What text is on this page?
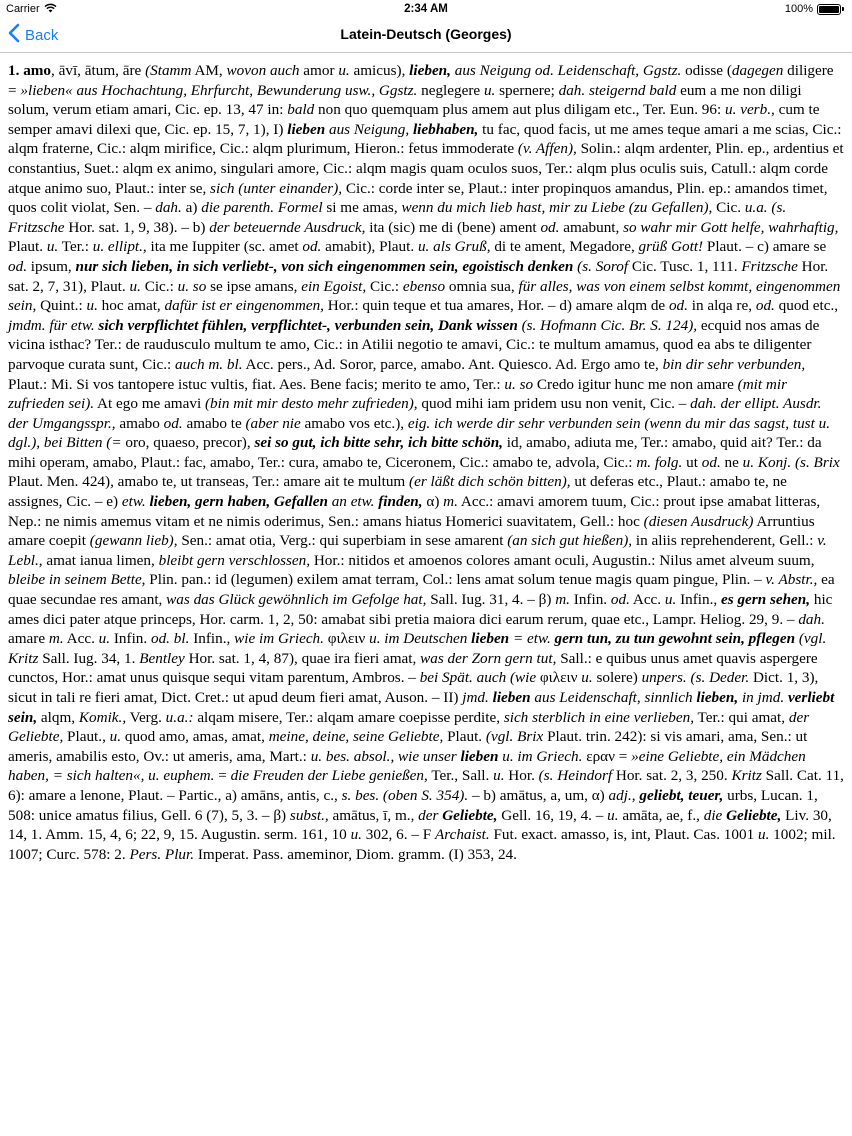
Carrier	2:34 AM	100%
Back	Latein-Deutsch (Georges)
1. amo, āvī, ātum, āre (Stamm AM, wovon auch amor u. amicus), lieben, aus Neigung od. Leidenschaft, Ggstz. odisse (dagegen diligere = »lieben« aus Hochachtung, Ehrfurcht, Bewunderung usw., Ggstz. neglegere u. spernere; dah. steigernd bald eum a me non diligi solum, verum etiam amari, Cic. ep. 13, 47 in: bald non quo quemquam plus amem aut plus diligam etc., Ter. Eun. 96: u. verb., cum te semper amavi dilexi que, Cic. ep. 15, 7, 1), I) lieben aus Neigung, liebhaben, tu fac, quod facis, ut me ames teque amari a me scias, Cic.: alqm fraterne, Cic.: alqm mirifice, Cic.: alqm plurimum, Hieron.: fetus immoderate (v. Affen), Solin.: alqm ardenter, Plin. ep., ardentius et constantius, Suet.: alqm ex animo, singulari amore, Cic.: alqm magis quam oculos suos, Ter.: alqm plus oculis suis, Catull.: alqm corde atque animo suo, Plaut.: inter se, sich (unter einander), Cic.: corde inter se, Plaut.: inter propinquos amandus, Plin. ep.: amandos timet, quos colit violat, Sen. – dah. a) die parenth. Formel si me amas, wenn du mich lieb hast, mir zu Liebe (zu Gefallen), Cic. u.a. (s. Fritzsche Hor. sat. 1, 9, 38). – b) der beteuernde Ausdruck, ita (sic) me di (bene) ament od. amabunt, so wahr mir Gott helfe, wahrhaftig, Plaut. u. Ter.: u. ellipt., ita me Iuppiter (sc. amet od. amabit), Plaut. u. als Gruß, di te ament, Megadore, grüß Gott! Plaut. – c) amare se od. ipsum, nur sich lieben, in sich verliebt-, von sich eingenommen sein, egoistisch denken (s. Sorof Cic. Tusc. 1, 111. Fritzsche Hor. sat. 2, 7, 31), Plaut. u. Cic.: u. so se ipse amans, ein Egoist, Cic.: ebenso omnia sua, für alles, was von einem selbst kommt, eingenommen sein, Quint.: u. hoc amat, dafür ist er eingenommen, Hor.: quin teque et tua amares, Hor. – d) amare alqm de od. in alqa re, od. quod etc., jmdm. für etw. sich verpflichtet fühlen, verpflichtet-, verbunden sein, Dank wissen (s. Hofmann Cic. Br. S. 124), ecquid nos amas de vicina isthac? Ter.: de raudusculo multum te amo, Cic.: in Atilii negotio te amavi, Cic.: te multum amamus, quod ea abs te diligenter parvoque curata sunt, Cic.: auch m. bl. Acc. pers., Ad. Soror, parce, amabo. Ant. Quiesco. Ad. Ergo amo te, bin dir sehr verbunden, Plaut.: Mi. Si vos tantopere istuc vultis, fiat. Aes. Bene facis; merito te amo, Ter.: u. so Credo igitur hunc me non amare (mit mir zufrieden sei). At ego me amavi (bin mit mir desto mehr zufrieden), quod mihi iam pridem usu non venit, Cic. – dah. der ellipt. Ausdr. der Umgangsspr., amabo od. amabo te (aber nie amabo vos etc.), eig. ich werde dir sehr verbunden sein (wenn du mir das sagst, tust u. dgl.), bei Bitten (= oro, quaeso, precor), sei so gut, ich bitte sehr, ich bitte schön, id, amabo, adiuta me, Ter.: amabo, quid ait? Ter.: da mihi operam, amabo, Plaut.: fac, amabo, Ter.: cura, amabo te, Ciceronem, Cic.: amabo te, advola, Cic.: m. folg. ut od. ne u. Konj. (s. Brix Plaut. Men. 424), amabo te, ut transeas, Ter.: amare ait te multum (er läßt dich schön bitten), ut deferas etc., Plaut.: amabo te, ne assignes, Cic. – e) etw. lieben, gern haben, Gefallen an etw. finden, α) m. Acc.: amavi amorem tuum, Cic.: prout ipse amabat litteras, Nep.: ne nimis amemus vitam et ne nimis oderimus, Sen.: amans hiatus Homerici suavitatem, Gell.: hoc (diesen Ausdruck) Arruntius amare coepit (gewann lieb), Sen.: amat otia, Verg.: qui superbiam in sese amarent (an sich gut hießen), in aliis reprehenderent, Gell.: v. Lebl., amat ianua limen, bleibt gern verschlossen, Hor.: nitidos et amoenos colores amant oculi, Augustin.: Nilus amet alveum suum, bleibe in seinem Bette, Plin. pan.: id (legumen) exilem amat terram, Col.: lens amat solum tenue magis quam pingue, Plin. – v. Abstr., ea quae secundae res amant, was das Glück gewöhnlich im Gefolge hat, Sall. Iug. 31, 4. – β) m. Infin. od. Acc. u. Infin., es gern sehen, hic ames dici pater atque princeps, Hor. carm. 1, 2, 50: amabat sibi pretia maiora dici earum rerum, quae etc., Lampr. Heliog. 29, 9. – dah. amare m. Acc. u. Infin. od. bl. Infin., wie im Griech. φιλειν u. im Deutschen lieben = etw. gern tun, zu tun gewohnt sein, pflegen (vgl. Kritz Sall. Iug. 34, 1. Bentley Hor. sat. 1, 4, 87), quae ira fieri amat, was der Zorn gern tut, Sall.: e quibus unus amet quavis aspergere cunctos, Hor.: amat unus quisque sequi vitam parentum, Ambros. – bei Spät. auch (wie φιλειν u. solere) unpers. (s. Deder. Dict. 1, 3), sicut in tali re fieri amat, Dict. Cret.: ut apud deum fieri amat, Auson. – II) jmd. lieben aus Leidenschaft, sinnlich lieben, in jmd. verliebt sein, alqm, Komik., Verg. u.a.: alqam misere, Ter.: alqam amare coepisse perdite, sich sterblich in eine verlieben, Ter.: qui amat, der Geliebte, Plaut., u. quod amo, amas, amat, meine, deine, seine Geliebte, Plaut. (vgl. Brix Plaut. trin. 242): si vis amari, ama, Sen.: ut ameris, amabilis esto, Ov.: ut ameris, ama, Mart.: u. bes. absol., wie unser lieben u. im Griech. εραν = »eine Geliebte, ein Mädchen haben, = sich halten«, u. euphem. = die Freuden der Liebe genießen, Ter., Sall. u. Hor. (s. Heindorf Hor. sat. 2, 3, 250. Kritz Sall. Cat. 11, 6): amare a lenone, Plaut. – Partic., a) amāns, antis, c., s. bes. (oben S. 354). – b) amātus, a, um, α) adj., geliebt, teuer, urbs, Lucan. 1, 508: unice amatus filius, Gell. 6 (7), 5, 3. – β) subst., amātus, ī, m., der Geliebte, Gell. 16, 19, 4. – u. amāta, ae, f., die Geliebte, Liv. 30, 14, 1. Amm. 15, 4, 6; 22, 9, 15. Augustin. serm. 161, 10 u. 302, 6. – F Archaist. Fut. exact. amasso, is, int, Plaut. Cas. 1001 u. 1002; mil. 1007; Curc. 578: 2. Pers. Plur. Imperat. Pass. ameminor, Diom. gramm. (I) 353, 24.
